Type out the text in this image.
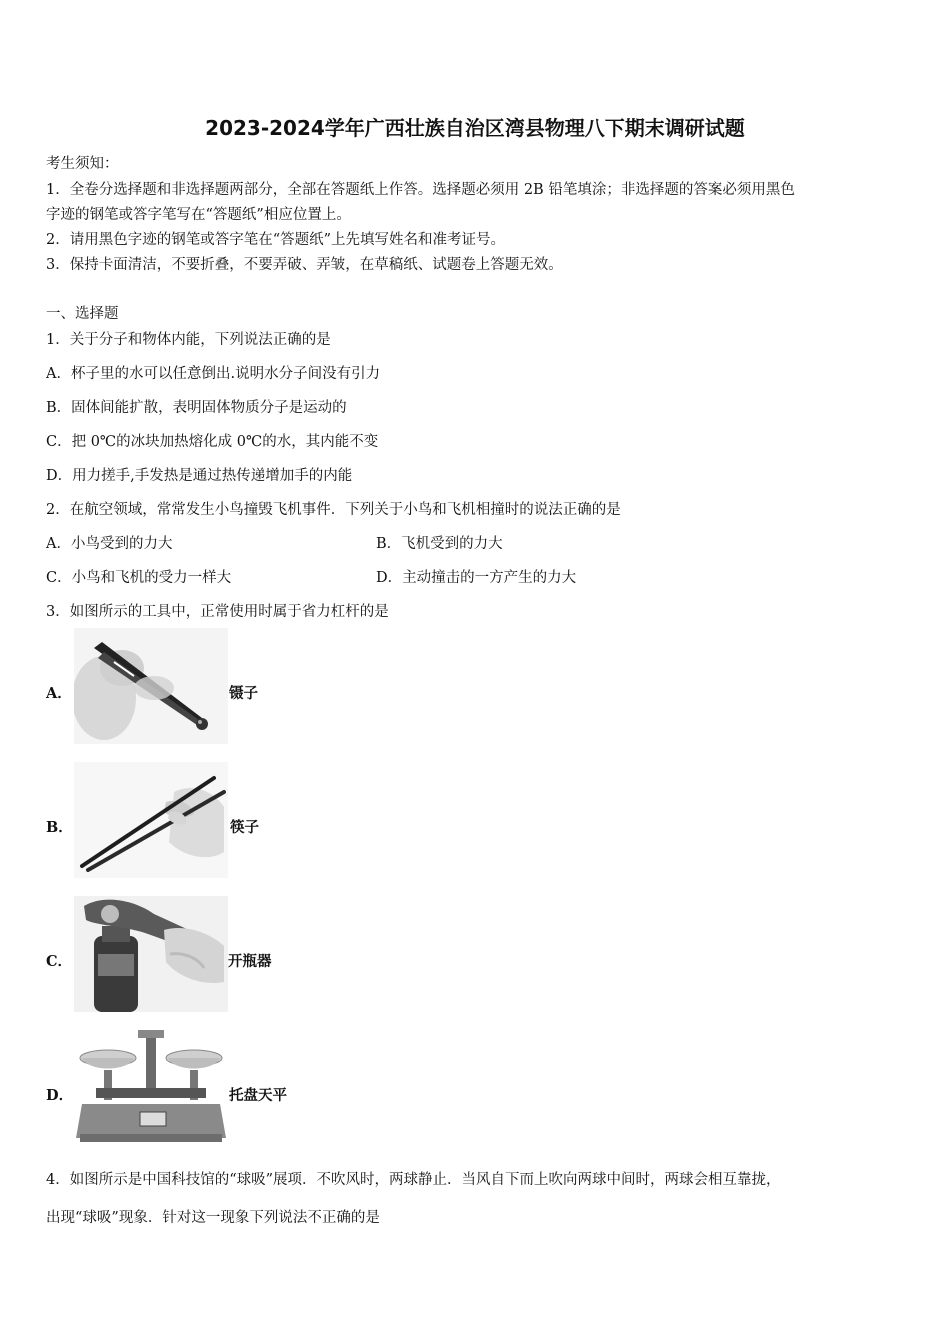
2023-2024学年广西壮族自治区湾县物理八下期末调研试题
考生须知：
1．全卷分选择题和非选择题两部分，全部在答题纸上作答。选择题必须用 2B 铅笔填涂；非选择题的答案必须用黑色
字迹的钢笔或答字笔写在“答题纸”相应位置上。
2．请用黑色字迹的钢笔或答字笔在“答题纸”上先填写姓名和准考证号。
3．保持卡面清洁，不要折叠，不要弄破、弄皱，在草稿纸、试题卷上答题无效。
一、选择题
1．关于分子和物体内能，下列说法正确的是
A．杯子里的水可以任意倒出.说明水分子间没有引力
B．固体间能扩散，表明固体物质分子是运动的
C．把 0℃的冰块加热熔化成 0℃的水，其内能不变
D．用力搓手,手发热是通过热传递增加手的内能
2．在航空领域，常常发生小鸟撞毁飞机事件．下列关于小鸟和飞机相撞时的说法正确的是
A．小鸟受到的力大	B．飞机受到的力大
C．小鸟和飞机的受力一样大	D．主动撞击的一方产生的力大
3．如图所示的工具中，正常使用时属于省力杠杆的是
A．	镊子
B．	筷子
C．	开瓶器
D．	托盘天平
4．如图所示是中国科技馆的“球吸”展项．不吹风时，两球静止．当风自下而上吹向两球中间时，两球会相互靠拢，
出现“球吸”现象．针对这一现象下列说法不正确的是
